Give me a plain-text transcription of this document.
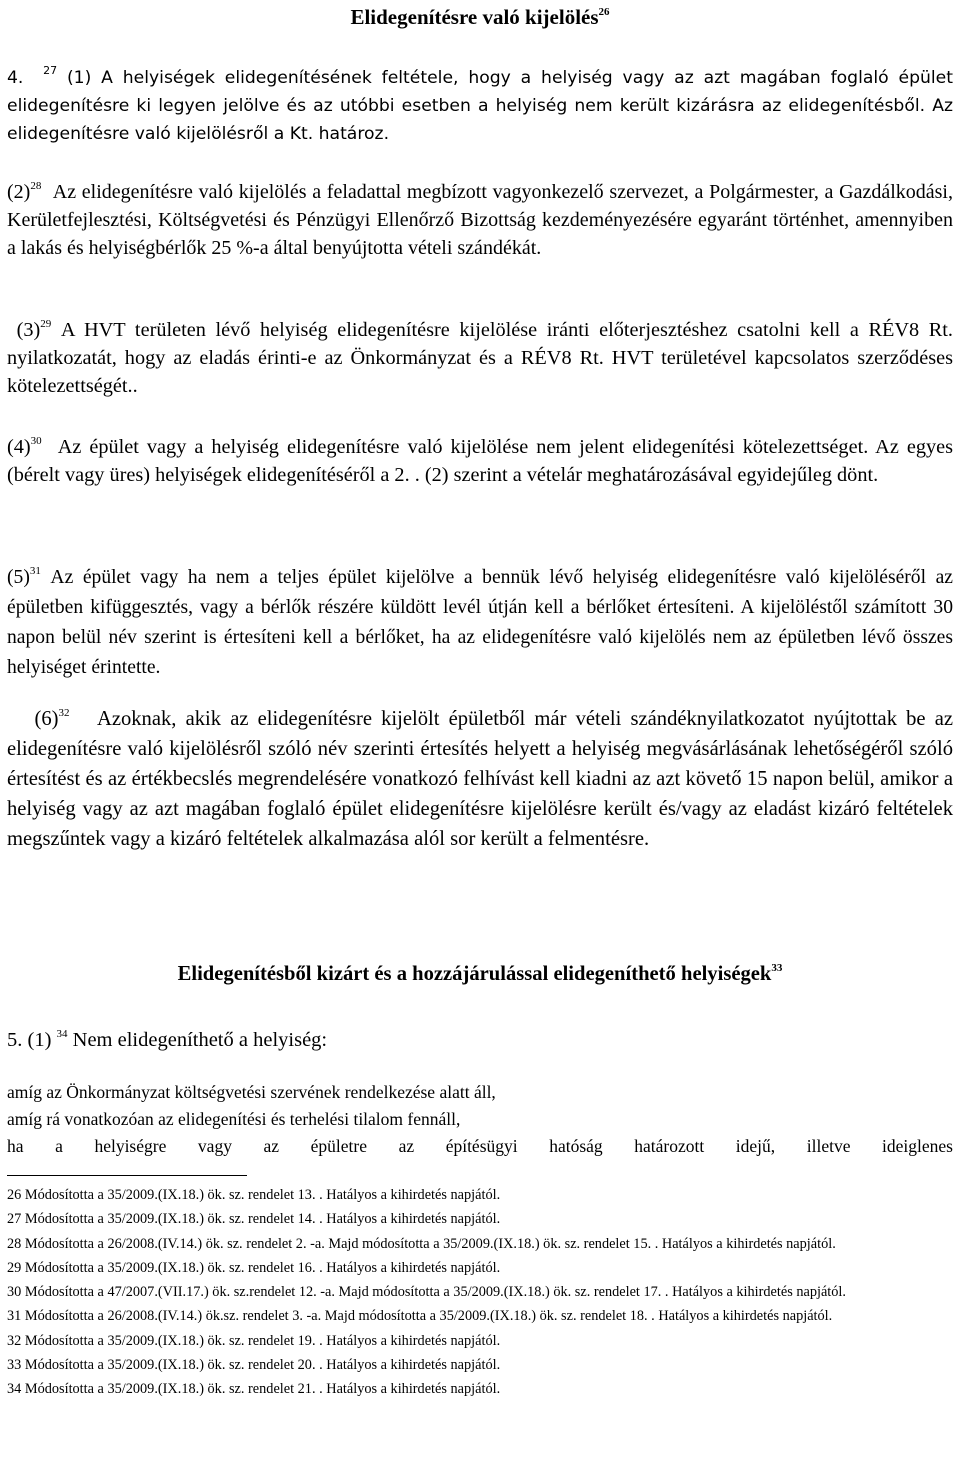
Elidegenítésre való kijelölés$^{26}$
4. $^{27}$ (1) A helyiségek elidegenítésének feltétele, hogy a helyiség vagy az azt magában foglaló épület elidegenítésre ki legyen jelölve és az utóbbi esetben a helyiség nem került kizárásra az elidegenítésből. Az elidegenítésre való kijelölésről a Kt. határoz.
$(2)^{28}$ Az elidegenítésre való kijelölés a feladattal megbízott vagyonkezelő szervezet, a Polgármester, a Gazdálkodási, Kerületfejlesztési, Költségvetési és Pénzügyi Ellenőrző Bizottság kezdeményezésére egyaránt történhet, amennyiben a lakás és helyiségbérlők 25 %-a által benyújtotta vételi szándékát.
$(3)^{29}$ A HVT területen lévő helyiség elidegenítésre kijelölése iránti előterjesztéshez csatolni kell a RÉV8 Rt. nyilatkozatát, hogy az eladás érinti-e az Önkormányzat és a RÉV8 Rt. HVT területével kapcsolatos szerződéses kötelezettségét..
$(4)^{30}$ Az épület vagy a helyiség elidegenítésre való kijelölése nem jelent elidegenítési kötelezettséget. Az egyes (bérelt vagy üres) helyiségek elidegenítéséről a 2. . (2) szerint a vételár meghatározásával egyidejűleg dönt.
$(5)^{31}$ Az épület vagy ha nem a teljes épület kijelölve a bennük lévő helyiség elidegenítésre való kijelöléséről az épületben kifüggesztés, vagy a bérlők részére küldött levél útján kell a bérlőket értesíteni. A kijelöléstől számított 30 napon belül név szerint is értesíteni kell a bérlőket, ha az elidegenítésre való kijelölés nem az épületben lévő összes helyiséget érintette.
$(6)^{32}$ Azoknak, akik az elidegenítésre kijelölt épületből már vételi szándéknyilatkozatot nyújtottak be az elidegenítésre való kijelölésről szóló név szerinti értesítés helyett a helyiség megvásárlásának lehetőségéről szóló értesítést és az értékbecslés megrendelésére vonatkozó felhívást kell kiadni az azt követő 15 napon belül, amikor a helyiség vagy az azt magában foglaló épület elidegenítésre kijelölésre került és/vagy az eladást kizáró feltételek megszűntek vagy a kizáró feltételek alkalmazása alól sor került a felmentésre.
Elidegenítésből kizárt és a hozzájárulással elidegeníthető helyiségek$^{33}$
5. (1) $^{34}$ Nem elidegeníthető a helyiség:
amíg az Önkormányzat költségvetési szervének rendelkezése alatt áll,
amíg rá vonatkozóan az elidegenítési és terhelési tilalom fennáll,
ha a helyiségre vagy az épületre az építésügyi hatóság határozott idejű, illetve ideiglenes
26 Módosította a 35/2009.(IX.18.) ök. sz. rendelet 13. . Hatályos a kihirdetés napjától.
27 Módosította a 35/2009.(IX.18.) ök. sz. rendelet 14. . Hatályos a kihirdetés napjától.
28 Módosította a 26/2008.(IV.14.) ök. sz. rendelet 2. -a. Majd módosította a 35/2009.(IX.18.) ök. sz. rendelet 15. . Hatályos a kihirdetés napjától.
29 Módosította a 35/2009.(IX.18.) ök. sz. rendelet 16. . Hatályos a kihirdetés napjától.
30 Módosította a 47/2007.(VII.17.) ök. sz.rendelet 12. -a. Majd módosította a 35/2009.(IX.18.) ök. sz. rendelet 17. . Hatályos a kihirdetés napjától.
31 Módosította a 26/2008.(IV.14.) ök.sz. rendelet 3. -a. Majd módosította a 35/2009.(IX.18.) ök. sz. rendelet 18. . Hatályos a kihirdetés napjától.
32 Módosította a 35/2009.(IX.18.) ök. sz. rendelet 19. . Hatályos a kihirdetés napjától.
33 Módosította a 35/2009.(IX.18.) ök. sz. rendelet 20. . Hatályos a kihirdetés napjától.
34 Módosította a 35/2009.(IX.18.) ök. sz. rendelet 21. . Hatályos a kihirdetés napjától.
